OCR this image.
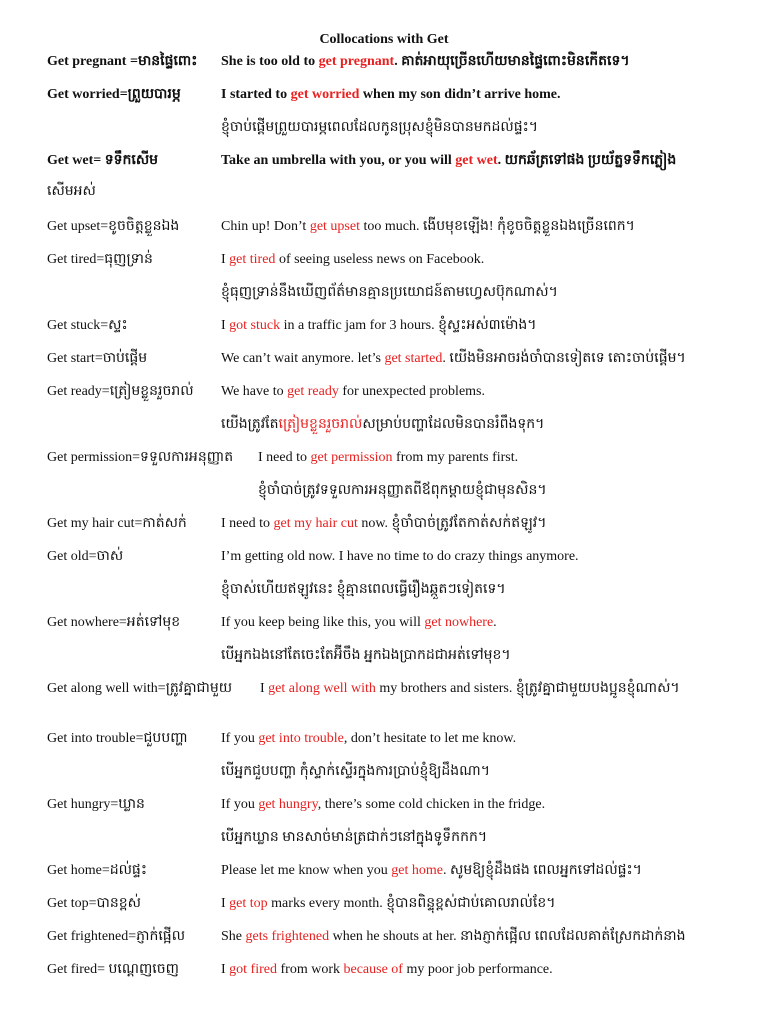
Collocations with Get
Get pregnant =មានផ្ទៃពោះ She is too old to get pregnant. គាត់អាយុច្រើនហើយមានផ្ទៃពោះមិនកើតទេ។
Get worried=ព្រួយបារម្ភ	I started to get worried when my son didn’t arrive home.
ខ្ញុំចាប់ផ្តើមព្រួយបារម្ភពេលដែលកូនប្រុសខ្ញុំមិនបានមកដល់ផ្ទះ។
Get wet= ទទឹកសើម	Take an umbrella with you, or you will get wet. យកឆ័ត្រទៅផង ប្រយ័ត្នទទឹកភ្លៀង
សើមអស់
Get upset=ខូចចិត្តខ្លួនឯង	Chin up! Don’t get upset too much. ងើបមុខឡើង! កុំខូចចិត្តខ្លួនឯងច្រើនពេក។
Get tired=ធុញទ្រាន់	I get tired of seeing useless news on Facebook.
ខ្ញុំធុញទ្រាន់នឹងឃើញព័ត៌មានគ្មានប្រយោជន៍តាមហ្វេសប៊ុកណាស់។
Get stuck=ស្ទះ	I got stuck in a traffic jam for 3 hours. ខ្ញុំស្ទះអស់៣ម៉ោង។
Get start=ចាប់ផ្តើម	We can’t wait anymore. let’s get started. យើងមិនអាចរង់ចាំបានទៀតទេ តោះចាប់ផ្តើម។
Get ready=ត្រៀមខ្លួនរួចរាល់ We have to get ready for unexpected problems.
យើងត្រូវតែត្រៀមខ្លួនរួចរាល់សម្រាប់បញ្ហាដែលមិនបានរំពឹងទុក។
Get permission=ទទួលការអនុញ្ញាត I need to get permission from my parents first.
ខ្ញុំចាំបាច់ត្រូវទទួលការអនុញ្ញាតពីឪពុកម្តាយខ្ញុំជាមុនសិន។
Get my hair cut=កាត់សក់ I need to get my hair cut now. ខ្ញុំចាំបាច់ត្រូវតែកាត់សក់ឥឡូវ។
Get old=ចាស់	I’m getting old now. I have no time to do crazy things anymore.
ខ្ញុំចាស់ហើយឥឡូវនេះ ខ្ញុំគ្មានពេលធ្វើរឿងឆ្កួតៗទៀតទេ។
Get nowhere=អត់ទៅមុខ	If you keep being like this, you will get nowhere.
បើអ្នកឯងនៅតែចេះតែអ៊ីចឹង អ្នកឯងប្រាកដជាអត់ទៅមុខ។
Get along well with=ត្រូវគ្នាជាមួយ I get along well with my brothers and sisters. ខ្ញុំត្រូវគ្នាជាមួយបងប្អូនខ្ញុំណាស់។
Get into trouble=ជួបបញ្ហា If you get into trouble, don’t hesitate to let me know.
បើអ្នកជួបបញ្ហា កុំស្ទាក់ស្ទើរក្នុងការប្រាប់ខ្ញុំឱ្យដឹងណា។
Get hungry=ឃ្លាន	If you get hungry, there’s some cold chicken in the fridge.
បើអ្នកឃ្លាន មានសាច់មាន់ត្រជាក់ៗនៅក្នុងទូទឹកកក។
Get home=ដល់ផ្ទះ	Please let me know when you get home. សូមឱ្យខ្ញុំដឹងផង ពេលអ្នកទៅដល់ផ្ទះ។
Get top=បានខ្ពស់	I get top marks every month. ខ្ញុំបានពិន្ទុខ្ពស់ជាប់គោលរាល់ខែ។
Get frightened=ភ្ញាក់ផ្អើល	She gets frightened when he shouts at her. នាងភ្ញាក់ផ្អើល ពេលដែលគាត់ស្រែកដាក់នាង
Get fired= បណ្តេញចេញ	I got fired from work because of my poor job performance.
